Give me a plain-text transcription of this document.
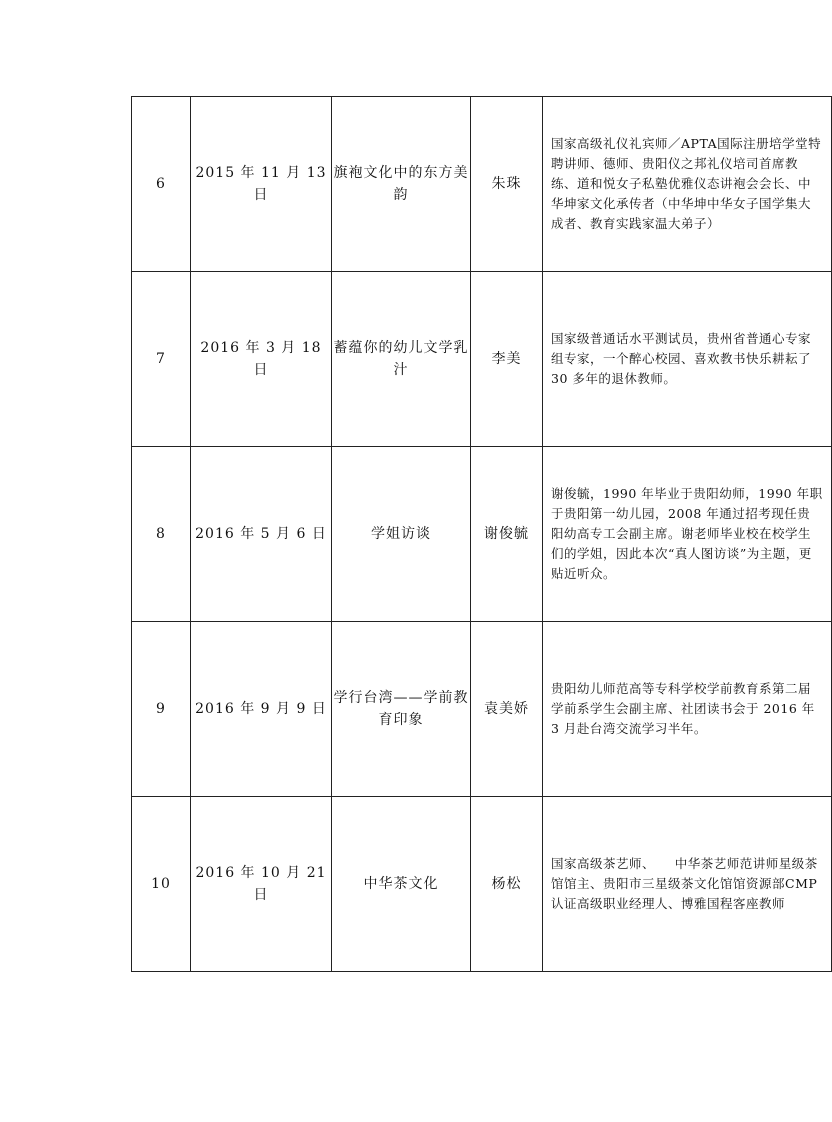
6	2015 年 11 月 13 日	旗袍文化中的东方美韵	朱珠	国家高级礼仪礼宾师／APTA国际注册培学堂特聘讲师、德师、贵阳仪之邦礼仪培司首席教练、道和悦女子私塾优雅仪态讲袍会会长、中华坤家文化承传者（中华坤中华女子国学集大成者、教育实践家温大弟子）
7	2016 年 3 月 18 日	蓄蕴你的幼儿文学乳汁	李美	国家级普通话水平测试员，贵州省普通心专家组专家，一个醉心校园、喜欢教书快乐耕耘了 30 多年的退休教师。
8	2016 年 5 月 6 日	学姐访谈	谢俊毓	谢俊毓，1990 年毕业于贵阳幼师，1990 年职于贵阳第一幼儿园，2008 年通过招考现任贵阳幼高专工会副主席。谢老师毕业校在校学生们的学姐，因此本次“真人图访谈”为主题，更贴近听众。
9	2016 年 9 月 9 日	学行台湾——学前教育印象	袁美娇	贵阳幼儿师范高等专科学校学前教育系第二届学前系学生会副主席、社团读书会于 2016 年 3 月赴台湾交流学习半年。
10	2016 年 10 月 21 日	中华茶文化	杨松	国家高级茶艺师、　　中华茶艺师范讲师星级茶馆馆主、贵阳市三星级茶文化馆馆资源部CMP认证高级职业经理人、博雅国程客座教师
